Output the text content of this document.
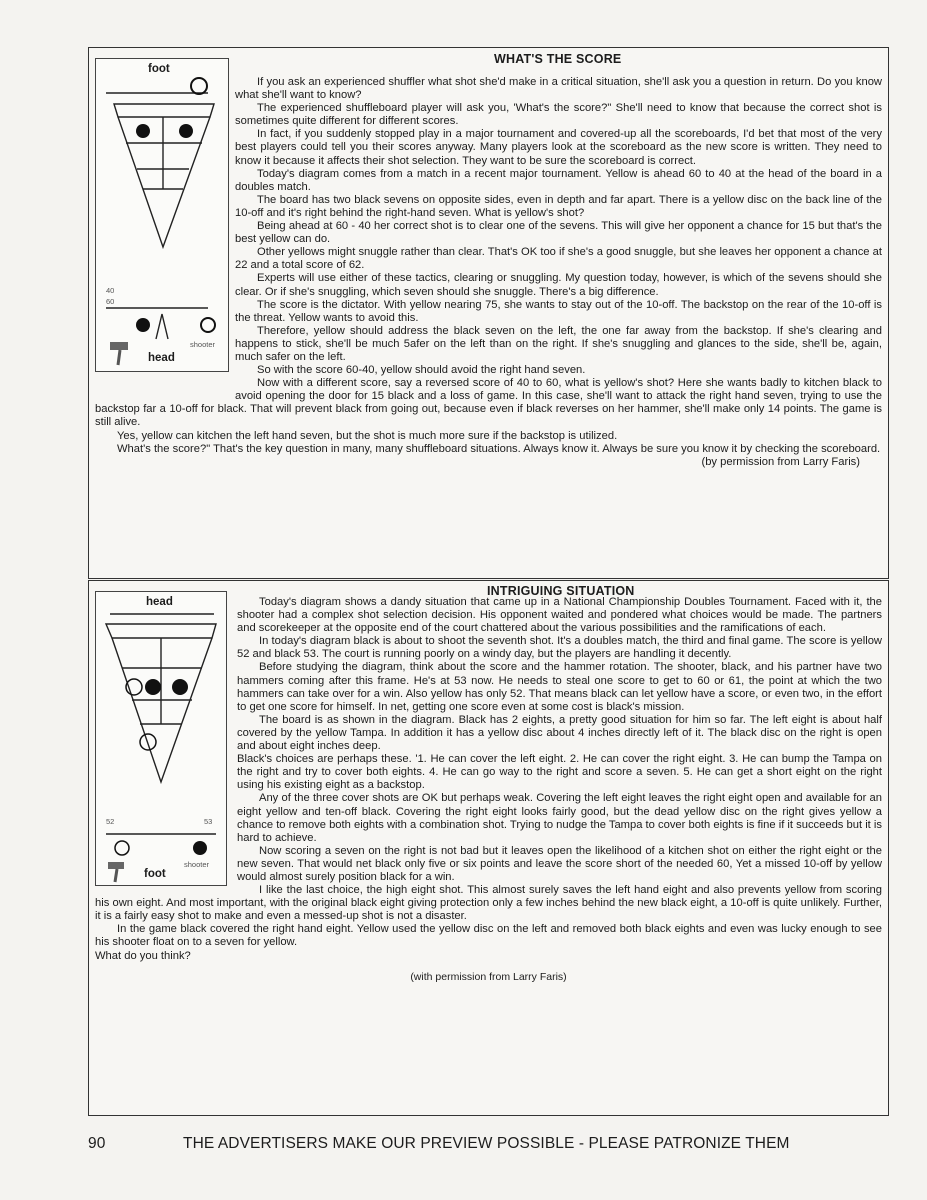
WHAT'S THE SCORE
foot
40
60
shooter
head

If you ask an experienced shuffler what shot she'd make in a critical situation, she'll ask you a question in return. Do you know what she'll want to know?

The experienced shuffleboard player will ask you, 'What's the score?" She'll need to know that because the correct shot is sometimes quite different for different scores.

In fact, if you suddenly stopped play in a major tournament and covered-up all the scoreboards, I'd bet that most of the very best players could tell you their scores anyway. Many players look at the scoreboard as the new score is written. They need to know it because it affects their shot selection. They want to be sure the scoreboard is correct.

Today's diagram comes from a match in a recent major tournament. Yellow is ahead 60 to 40 at the head of the board in a doubles match.

The board has two black sevens on opposite sides, even in depth and far apart. There is a yellow disc on the back line of the 10-off and it's right behind the right-hand seven. What is yellow's shot?

Being ahead at 60 - 40 her correct shot is to clear one of the sevens. This will give her opponent a chance for 15 but that's the best yellow can do.

Other yellows might snuggle rather than clear. That's OK too if she's a good snuggle, but she leaves her opponent a chance at 22 and a total score of 62.

Experts will use either of these tactics, clearing or snuggling. My question today, however, is which of the sevens should she clear. Or if she's snuggling, which seven should she snuggle. There's a big difference.

The score is the dictator. With yellow nearing 75, she wants to stay out of the 10-off. The backstop on the rear of the 10-off is the threat. Yellow wants to avoid this.

Therefore, yellow should address the black seven on the left, the one far away from the backstop. If she's clearing and happens to stick, she'll be much 5afer on the left than on the right. If she's snuggling and glances to the side, she'll be, again, much safer on the left.

So with the score 60-40, yellow should avoid the right hand seven.

Now with a different score, say a reversed score of 40 to 60, what is yellow's shot? Here she wants badly to kitchen black to avoid opening the door for 15 black and a loss of game. In this case, she'll want to attack the right hand seven, trying to use the backstop far a 10-off for black. That will prevent black from going out, because even if black reverses on her hammer, she'll make only 14 points. The game is still alive.

Yes, yellow can kitchen the left hand seven, but the shot is much more sure if the backstop is utilized.

What's the score?" That's the key question in many, many shuffleboard situations. Always know it. Always be sure you know it by checking the scoreboard.

(by permission from Larry Faris)
INTRIGUING SITUATION
head
52	53
shooter
foot

Today's diagram shows a dandy situation that came up in a National Championship Doubles Tournament. Faced with it, the shooter had a complex shot selection decision. His opponent waited and pondered what choices would be made. The partners and scorekeeper at the opposite end of the court chattered about the various possibilities and the ramifications of each.

In today's diagram black is about to shoot the seventh shot. It's a doubles match, the third and final game. The score is yellow 52 and black 53. The court is running poorly on a windy day, but the players are handling it decently.

Before studying the diagram, think about the score and the hammer rotation. The shooter, black, and his partner have two hammers coming after this frame. He's at 53 now. He needs to steal one score to get to 60 or 61, the point at which the two hammers can take over for a win. Also yellow has only 52. That means black can let yellow have a score, or even two, in the effort to get one score for himself. In net, getting one score even at some cost is black's mission.

The board is as shown in the diagram. Black has 2 eights, a pretty good situation for him so far. The left eight is about half covered by the yellow Tampa. In addition it has a yellow disc about 4 inches directly left of it. The black disc on the right is open and about eight inches deep.

Black's choices are perhaps these. '1. He can cover the left eight. 2. He can cover the right eight. 3. He can bump the Tampa on the right and try to cover both eights. 4. He can go way to the right and score a seven. 5. He can get a short eight on the right using his existing eight as a backstop.

Any of the three cover shots are OK but perhaps weak. Covering the left eight leaves the right eight open and available for an eight yellow and ten-off black. Covering the right eight looks fairly good, but the dead yellow disc on the right gives yellow a chance to remove both eights with a combination shot. Trying to nudge the Tampa to cover both eights is fine if it succeeds but it is hard to achieve.

Now scoring a seven on the right is not bad but it leaves open the likelihood of a kitchen shot on either the right eight or the new seven. That would net black only five or six points and leave the score short of the needed 60, Yet a missed 10-off by yellow would almost surely position black for a win.

I like the last choice, the high eight shot. This almost surely saves the left hand eight and also prevents yellow from scoring his own eight. And most important, with the original black eight giving protection only a few inches behind the new black eight, a 10-off is quite unlikely. Further, it is a fairly easy shot to make and even a messed-up shot is not a disaster.

In the game black covered the right hand eight. Yellow used the yellow disc on the left and removed both black eights and even was lucky enough to see his shooter float on to a seven for yellow.

What do you think?

(with permission from Larry Faris)
90	THE ADVERTISERS MAKE OUR PREVIEW POSSIBLE - PLEASE PATRONIZE THEM
